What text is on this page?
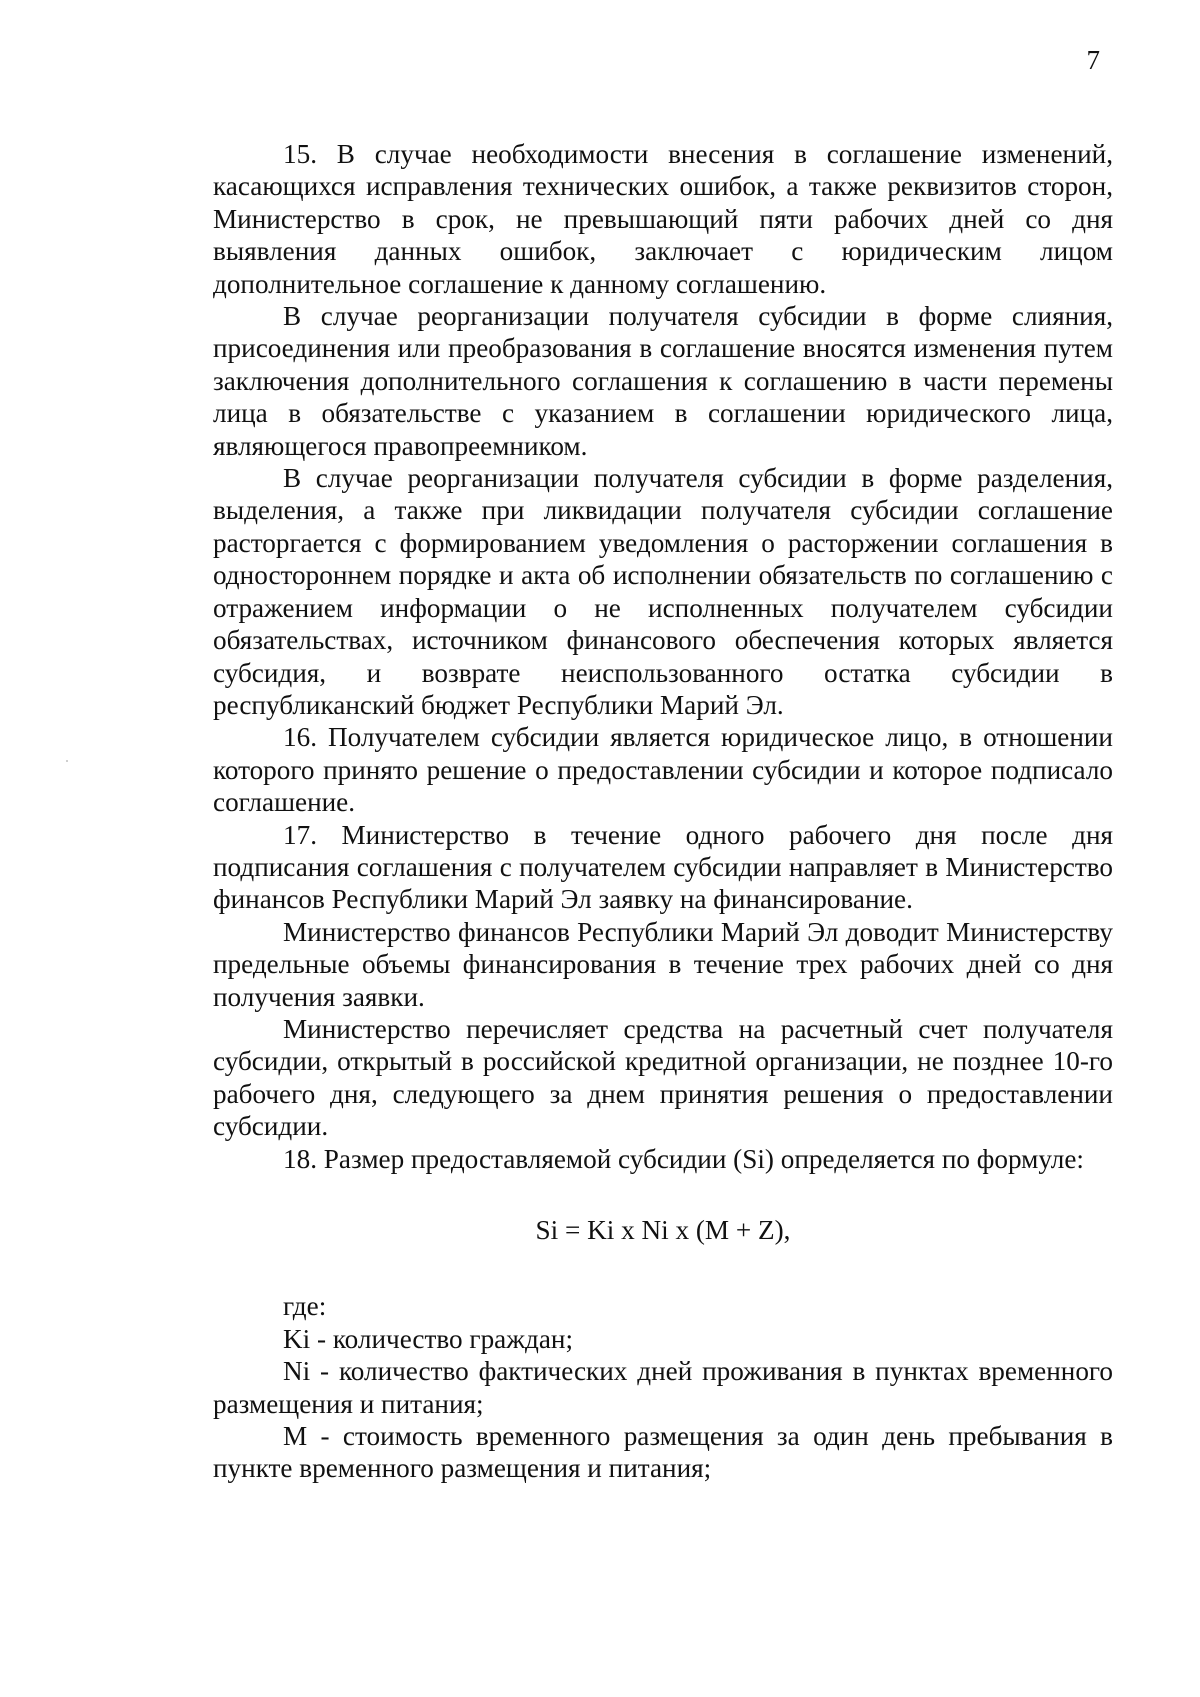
7

15. В случае необходимости внесения в соглашение изменений, касающихся исправления технических ошибок, а также реквизитов сторон, Министерство в срок, не превышающий пяти рабочих дней со дня выявления данных ошибок, заключает с юридическим лицом дополнительное соглашение к данному соглашению.

В случае реорганизации получателя субсидии в форме слияния, присоединения или преобразования в соглашение вносятся изменения путем заключения дополнительного соглашения к соглашению в части перемены лица в обязательстве с указанием в соглашении юридического лица, являющегося правопреемником.

В случае реорганизации получателя субсидии в форме разделения, выделения, а также при ликвидации получателя субсидии соглашение расторгается с формированием уведомления о расторжении соглашения в одностороннем порядке и акта об исполнении обязательств по соглашению с отражением информации о не исполненных получателем субсидии обязательствах, источником финансового обеспечения которых является субсидия, и возврате неиспользованного остатка субсидии в республиканский бюджет Республики Марий Эл.

16. Получателем субсидии является юридическое лицо, в отношении которого принято решение о предоставлении субсидии и которое подписало соглашение.

17. Министерство в течение одного рабочего дня после дня подписания соглашения с получателем субсидии направляет в Министерство финансов Республики Марий Эл заявку на финансирование.

Министерство финансов Республики Марий Эл доводит Министерству предельные объемы финансирования в течение трех рабочих дней со дня получения заявки.

Министерство перечисляет средства на расчетный счет получателя субсидии, открытый в российской кредитной организации, не позднее 10-го рабочего дня, следующего за днем принятия решения о предоставлении субсидии.

18. Размер предоставляемой субсидии (Si) определяется по формуле:

Si = Ki x Ni x (M + Z),

где:

Ki - количество граждан;

Ni - количество фактических дней проживания в пунктах временного размещения и питания;

M - стоимость временного размещения за один день пребывания в пункте временного размещения и питания;
